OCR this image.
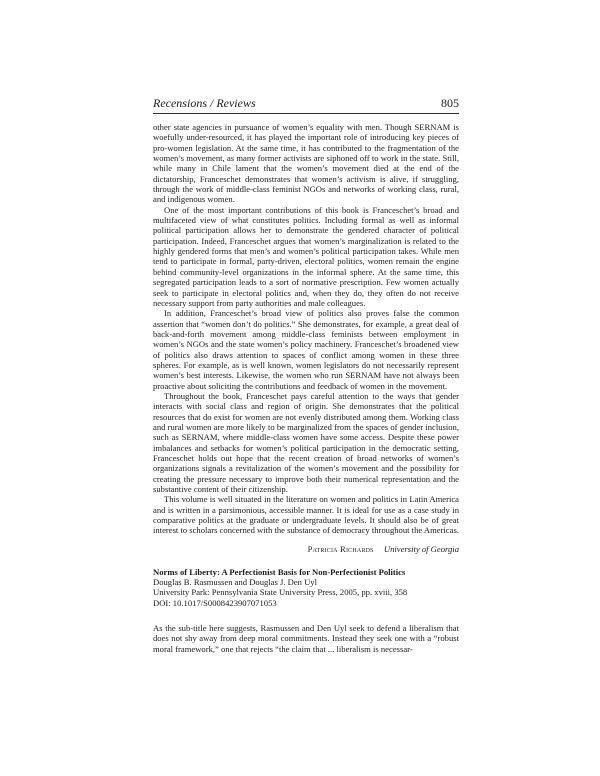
Recensions / Reviews	805

other state agencies in pursuance of women’s equality with men. Though SERNAM is woefully under-resourced, it has played the important role of introducing key pieces of pro-women legislation. At the same time, it has contributed to the fragmentation of the women’s movement, as many former activists are siphoned off to work in the state. Still, while many in Chile lament that the women’s movement died at the end of the dictatorship, Franceschet demonstrates that women’s activism is alive, if struggling, through the work of middle-class feminist NGOs and networks of working class, rural, and indigenous women.

One of the most important contributions of this book is Franceschet’s broad and multifaceted view of what constitutes politics. Including formal as well as informal political participation allows her to demonstrate the gendered character of political participation. Indeed, Franceschet argues that women’s marginalization is related to the highly gendered forms that men’s and women’s political participation takes. While men tend to participate in formal, party-driven, electoral politics, women remain the engine behind community-level organizations in the informal sphere. At the same time, this segregated participation leads to a sort of normative prescription. Few women actually seek to participate in electoral politics and, when they do, they often do not receive necessary support from party authorities and male colleagues.

In addition, Franceschet’s broad view of politics also proves false the common assertion that “women don’t do politics.” She demonstrates, for example, a great deal of back-and-forth movement among middle-class feminists between employment in women’s NGOs and the state women’s policy machinery. Franceschet’s broadened view of politics also draws attention to spaces of conflict among women in these three spheres. For example, as is well known, women legislators do not necessarily represent women’s best interests. Likewise, the women who run SERNAM have not always been proactive about soliciting the contributions and feedback of women in the movement.

Throughout the book, Franceschet pays careful attention to the ways that gender interacts with social class and region of origin. She demonstrates that the political resources that do exist for women are not evenly distributed among them. Working class and rural women are more likely to be marginalized from the spaces of gender inclusion, such as SERNAM, where middle-class women have some access. Despite these power imbalances and setbacks for women’s political participation in the democratic setting, Franceschet holds out hope that the recent creation of broad networks of women’s organizations signals a revitalization of the women’s movement and the possibility for creating the pressure necessary to improve both their numerical representation and the substantive content of their citizenship.

This volume is well situated in the literature on women and politics in Latin America and is written in a parsimonious, accessible manner. It is ideal for use as a case study in comparative politics at the graduate or undergraduate levels. It should also be of great interest to scholars concerned with the substance of democracy throughout the Americas.

Patricia Richards University of Georgia
Norms of Liberty: A Perfectionist Basis for Non-Perfectionist Politics
Douglas B. Rasmussen and Douglas J. Den Uyl
University Park: Pennsylvania State University Press, 2005, pp. xviii, 358
DOI: 10.1017/S0008423907071053

As the sub-title here suggests, Rasmussen and Den Uyl seek to defend a liberalism that does not shy away from deep moral commitments. Instead they seek one with a “robust moral framework,” one that rejects “the claim that ... liberalism is necessar-
